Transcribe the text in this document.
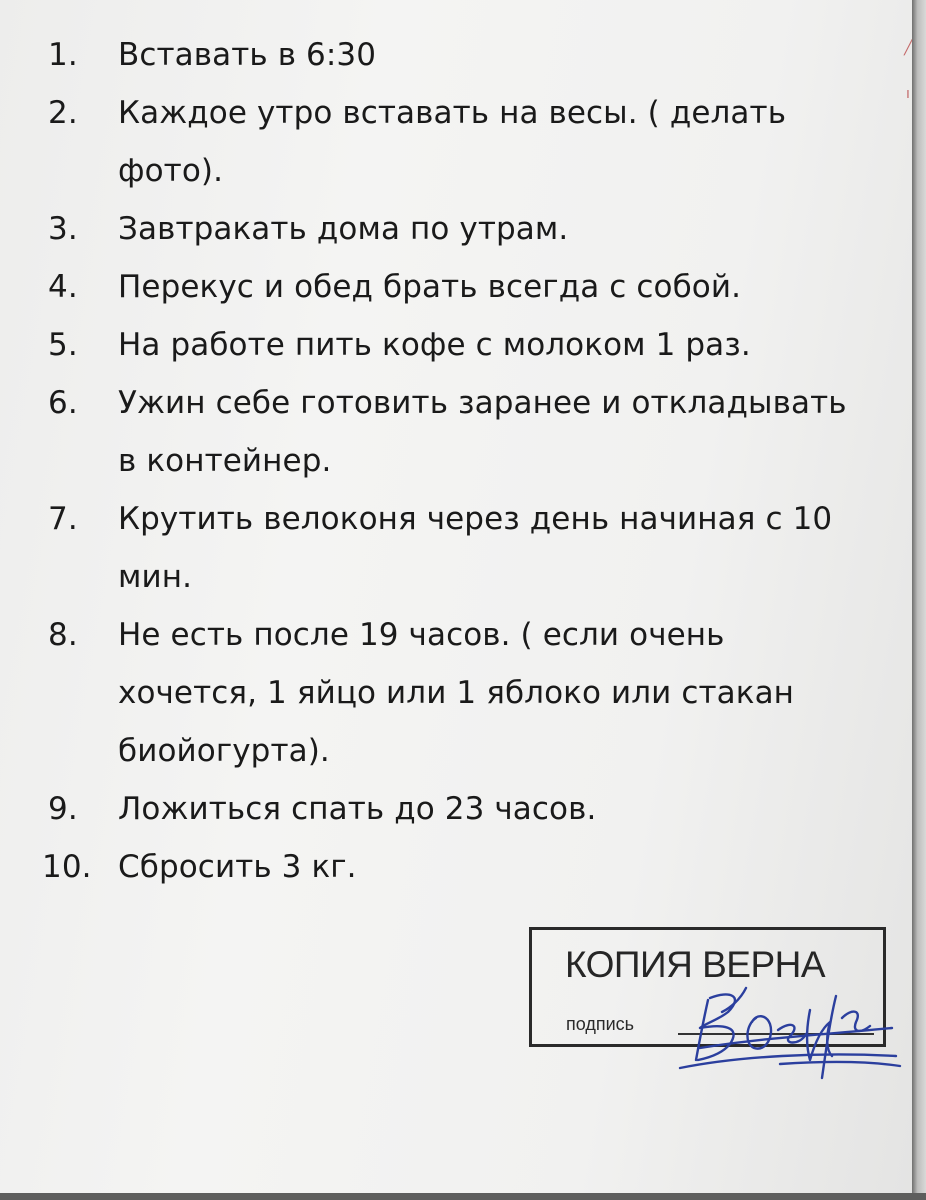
1.	Вставать в 6:30
2.	Каждое утро вставать на весы. ( делать фото).
3.	Завтракать дома по утрам.
4.	Перекус и обед брать всегда с собой.
5.	На работе пить кофе с молоком 1 раз.
6.	Ужин себе готовить заранее и откладывать в контейнер.
7.	Крутить велоконя через день начиная с 10 мин.
8.	Не есть после 19 часов. ( если очень хочется, 1 яйцо или 1 яблоко или стакан биойогурта).
9.	Ложиться спать до 23 часов.
10. Сбросить 3 кг.
КОПИЯ ВЕРНА
подпись
╱
ı
